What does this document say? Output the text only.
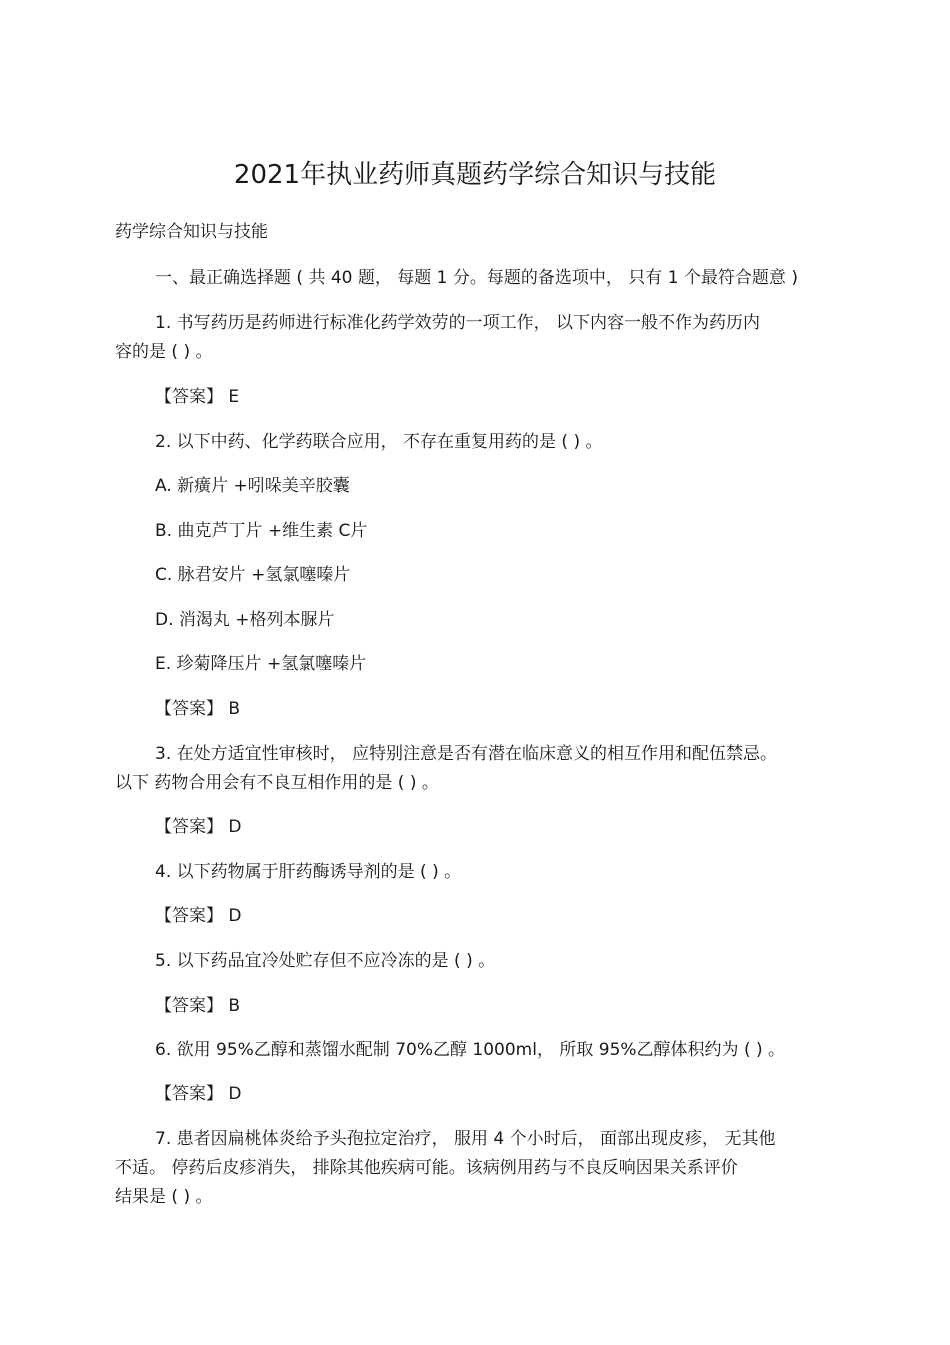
2021年执业药师真题药学综合知识与技能
药学综合知识与技能
一、最正确选择题 ( 共 40 题， 每题 1 分。每题的备选项中， 只有 1 个最符合题意 )
1. 书写药历是药师进行标准化药学效劳的一项工作， 以下内容一般不作为药历内
容的是 ( ) 。
【答案】 E
2. 以下中药、化学药联合应用， 不存在重复用药的是 ( ) 。
A. 新癀片 +吲哚美辛胶囊
B. 曲克芦丁片 +维生素 C片
C. 脉君安片 +氢氯噻嗪片
D. 消渴丸 +格列本脲片
E. 珍菊降压片 +氢氯噻嗪片
【答案】 B
3. 在处方适宜性审核时， 应特别注意是否有潜在临床意义的相互作用和配伍禁忌。
以下 药物合用会有不良互相作用的是 ( ) 。
【答案】 D
4. 以下药物属于肝药酶诱导剂的是 ( ) 。
【答案】 D
5. 以下药品宜冷处贮存但不应冷冻的是 ( ) 。
【答案】 B
6. 欲用 95%乙醇和蒸馏水配制 70%乙醇 1000ml， 所取 95%乙醇体积约为 ( ) 。
【答案】 D
7. 患者因扁桃体炎给予头孢拉定治疗， 服用 4 个小时后， 面部出现皮疹， 无其他
不适。 停药后皮疹消失， 排除其他疾病可能。该病例用药与不良反响因果关系评价
结果是 ( ) 。
